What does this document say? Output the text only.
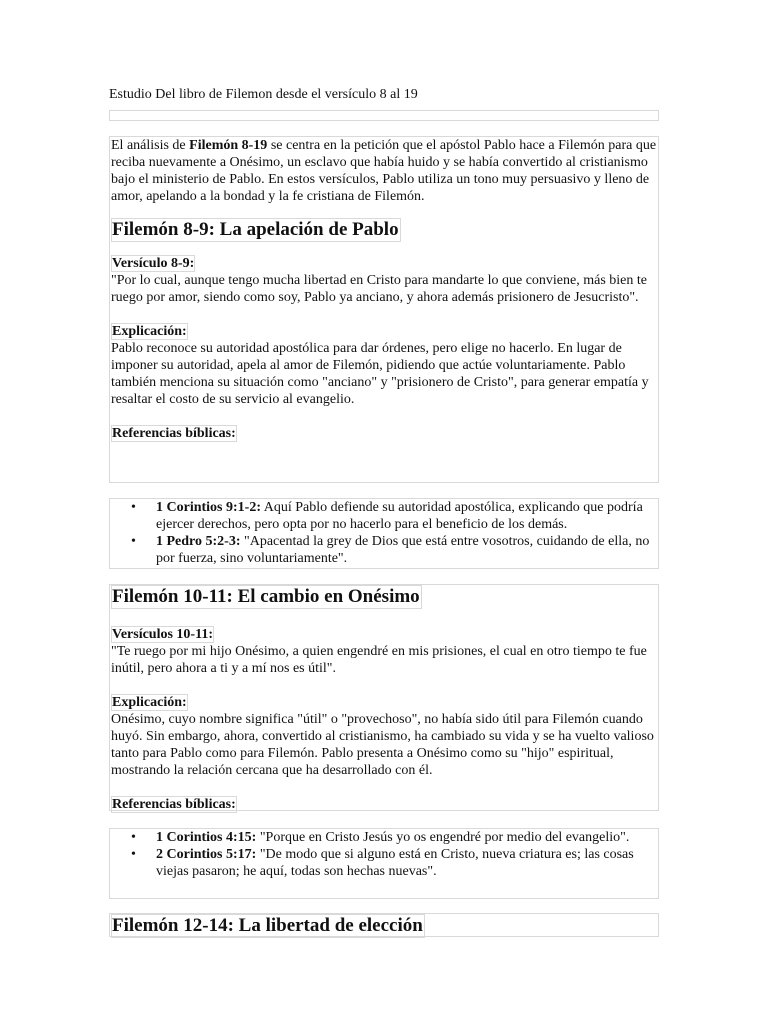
Estudio Del libro de Filemon desde el versículo 8 al 19

El análisis de Filemón 8-19 se centra en la petición que el apóstol Pablo hace a Filemón para que reciba nuevamente a Onésimo, un esclavo que había huido y se había convertido al cristianismo bajo el ministerio de Pablo. En estos versículos, Pablo utiliza un tono muy persuasivo y lleno de amor, apelando a la bondad y la fe cristiana de Filemón.

Filemón 8-9: La apelación de Pablo

Versículo 8-9:

"Por lo cual, aunque tengo mucha libertad en Cristo para mandarte lo que conviene, más bien te ruego por amor, siendo como soy, Pablo ya anciano, y ahora además prisionero de Jesucristo".

Explicación:

Pablo reconoce su autoridad apostólica para dar órdenes, pero elige no hacerlo. En lugar de imponer su autoridad, apela al amor de Filemón, pidiendo que actúe voluntariamente. Pablo también menciona su situación como "anciano" y "prisionero de Cristo", para generar empatía y resaltar el costo de su servicio al evangelio.

Referencias bíblicas:

• 1 Corintios 9:1-2: Aquí Pablo defiende su autoridad apostólica, explicando que podría ejercer derechos, pero opta por no hacerlo para el beneficio de los demás.
• 1 Pedro 5:2-3: "Apacentad la grey de Dios que está entre vosotros, cuidando de ella, no por fuerza, sino voluntariamente".
Filemón 10-11: El cambio en Onésimo

Versículos 10-11:

"Te ruego por mi hijo Onésimo, a quien engendré en mis prisiones, el cual en otro tiempo te fue inútil, pero ahora a ti y a mí nos es útil".

Explicación:

Onésimo, cuyo nombre significa "útil" o "provechoso", no había sido útil para Filemón cuando huyó. Sin embargo, ahora, convertido al cristianismo, ha cambiado su vida y se ha vuelto valioso tanto para Pablo como para Filemón. Pablo presenta a Onésimo como su "hijo" espiritual, mostrando la relación cercana que ha desarrollado con él.

Referencias bíblicas:

• 1 Corintios 4:15: "Porque en Cristo Jesús yo os engendré por medio del evangelio".
• 2 Corintios 5:17: "De modo que si alguno está en Cristo, nueva criatura es; las cosas viejas pasaron; he aquí, todas son hechas nuevas".
Filemón 12-14: La libertad de elección
